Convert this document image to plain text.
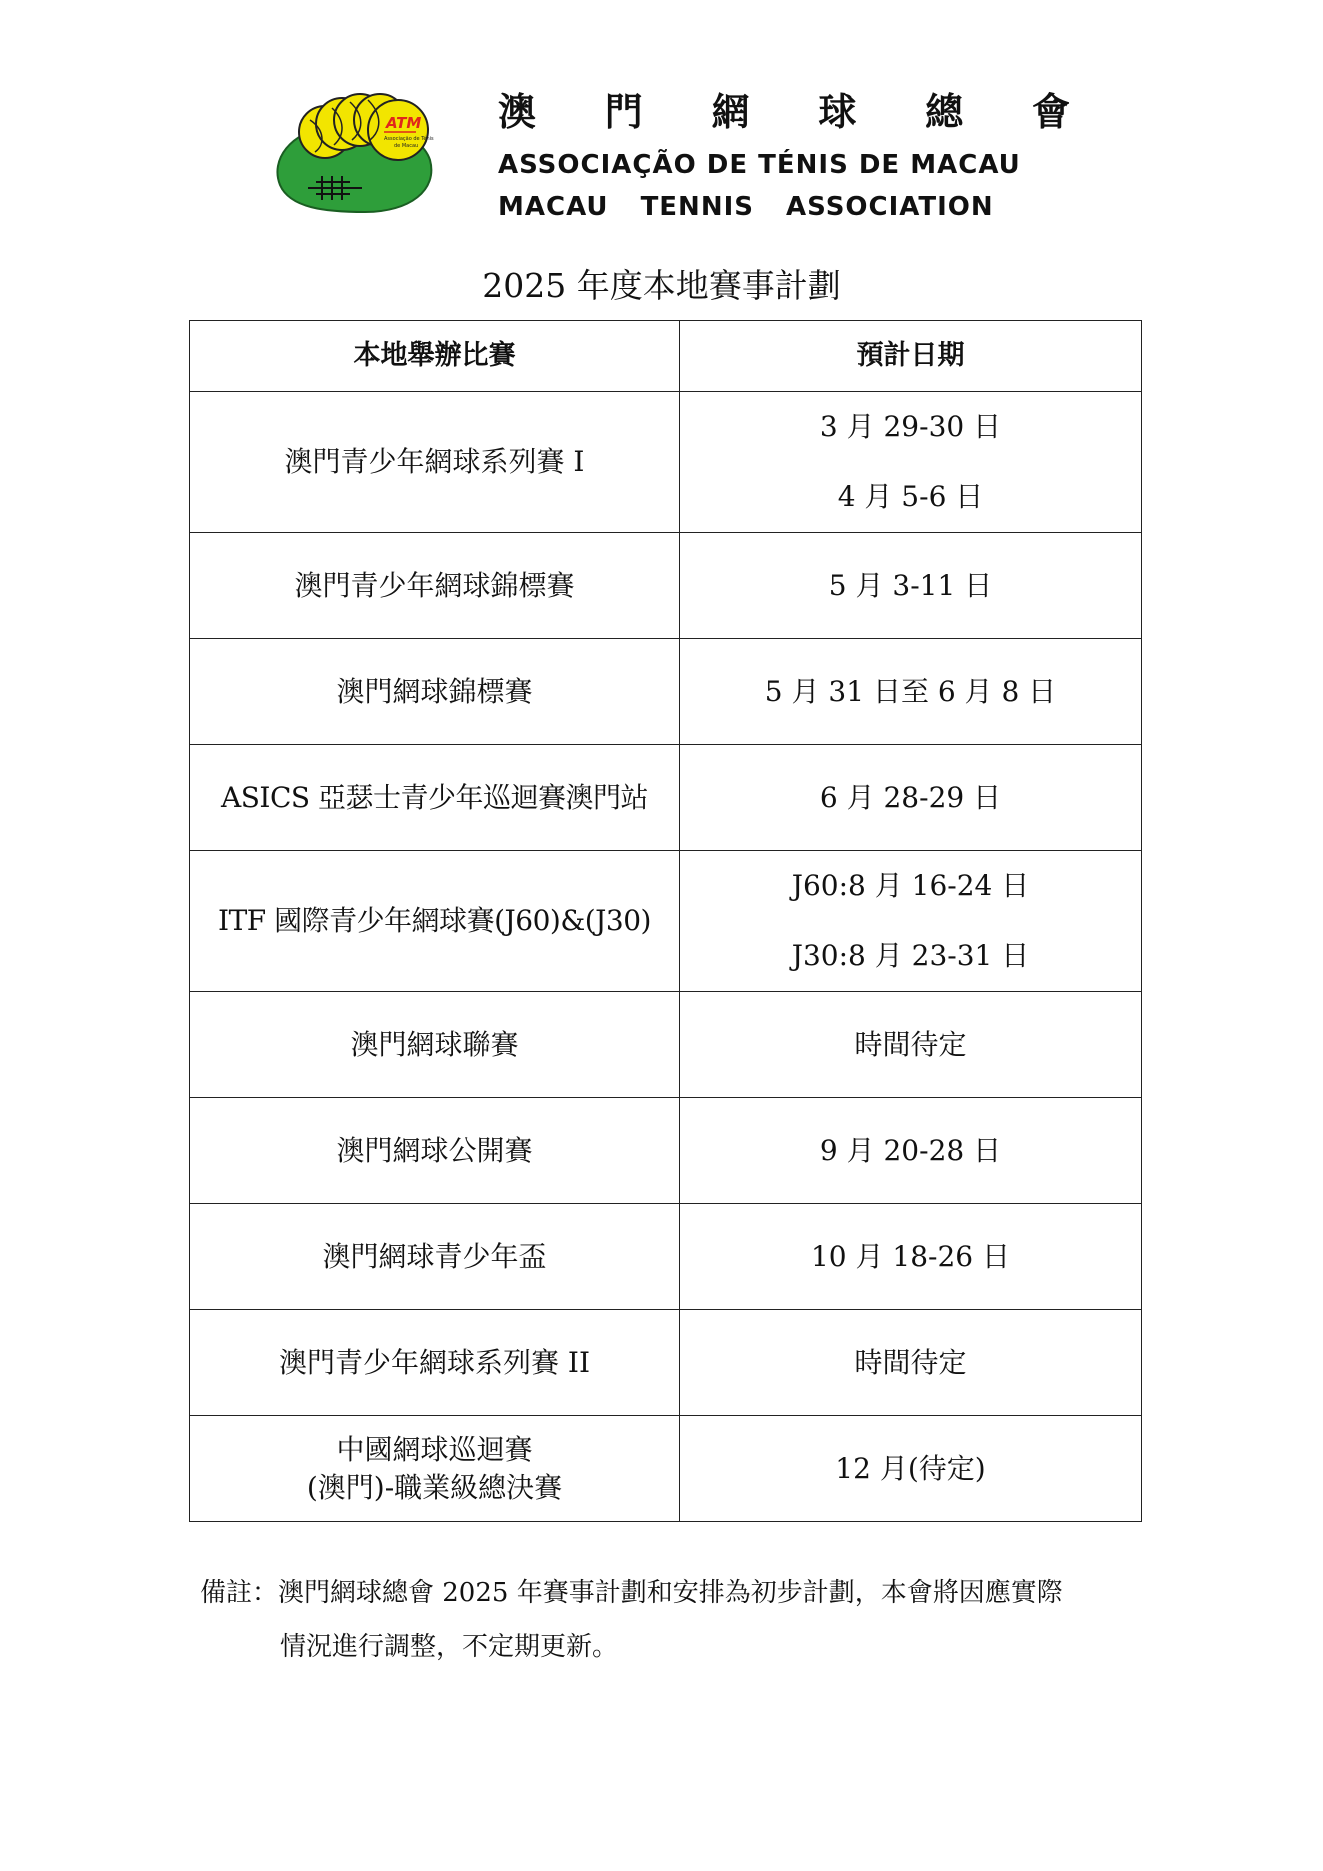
ATM
Associação de Ténis
de Macau
澳 門 網 球 總 會
ASSOCIAÇÃO DE TÉNIS DE MACAU
MACAU TENNIS ASSOCIATION
2025 年度本地賽事計劃
本地舉辦比賽	預計日期
澳門青少年網球系列賽 I	3 月 29-30 日
4 月 5-6 日

澳門青少年網球錦標賽	5 月 3-11 日
澳門網球錦標賽	5 月 31 日至 6 月 8 日
ASICS 亞瑟士青少年巡迴賽澳門站	6 月 28-29 日
ITF 國際青少年網球賽(J60)&(J30)	J60:8 月 16-24 日
J30:8 月 23-31 日

澳門網球聯賽	時間待定
澳門網球公開賽	9 月 20-28 日
澳門網球青少年盃	10 月 18-26 日
澳門青少年網球系列賽 II	時間待定

中國網球巡迴賽
(澳門)-職業級總決賽	12 月(待定)
備註：澳門網球總會 2025 年賽事計劃和安排為初步計劃，本會將因應實際
情況進行調整，不定期更新。
